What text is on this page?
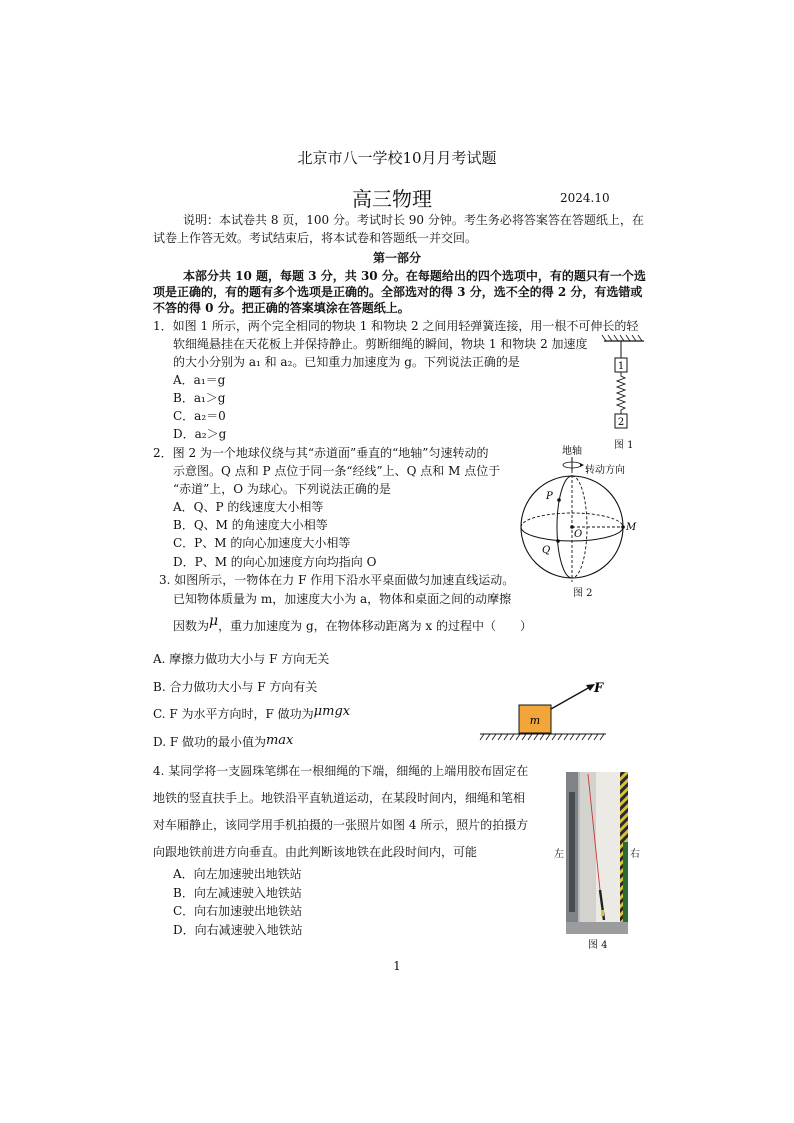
北京市八一学校10月月考试题
高三物理	2024.10
说明：本试卷共 8 页，100 分。考试时长 90 分钟。考生务必将答案答在答题纸上，在
试卷上作答无效。考试结束后，将本试卷和答题纸一并交回。
第一部分
本部分共 10 题，每题 3 分，共 30 分。在每题给出的四个选项中，有的题只有一个选
项是正确的，有的题有多个选项是正确的。全部选对的得 3 分，选不全的得 2 分，有选错或
不答的得 0 分。把正确的答案填涂在答题纸上。
1．如图 1 所示，两个完全相同的物块 1 和物块 2 之间用轻弹簧连接，用一根不可伸长的轻
软细绳悬挂在天花板上并保持静止。剪断细绳的瞬间，物块 1 和物块 2 加速度
的大小分别为 a₁ 和 a₂。已知重力加速度为 g。下列说法正确的是
A．a₁＝g
B．a₁＞g
C．a₂＝0
D．a₂＞g
1
2
图 1
2．图 2 为一个地球仪绕与其“赤道面”垂直的“地轴”匀速转动的
示意图。Q 点和 P 点位于同一条“经线”上、Q 点和 M 点位于
“赤道”上，O 为球心。下列说法正确的是
A．Q、P 的线速度大小相等
B．Q、M 的角速度大小相等
C．P、M 的向心加速度大小相等
D．P、M 的向心加速度方向均指向 O
地轴
转动方向
P
O
M
Q
图 2
3. 如图所示，一物体在力 F 作用下沿水平桌面做匀加速直线运动。
已知物体质量为 m，加速度大小为 a，物体和桌面之间的动摩擦
因数为μ，重力加速度为 g，在物体移动距离为 x 的过程中（　　）
A. 摩擦力做功大小与 F 方向无关
B. 合力做功大小与 F 方向有关
C. F 为水平方向时，F 做功为μmgx
D. F 做功的最小值为max
m
F
4. 某同学将一支圆珠笔绑在一根细绳的下端，细绳的上端用胶布固定在
地铁的竖直扶手上。地铁沿平直轨道运动，在某段时间内，细绳和笔相
对车厢静止，该同学用手机拍摄的一张照片如图 4 所示，照片的拍摄方
向跟地铁前进方向垂直。由此判断该地铁在此段时间内，可能
A．向左加速驶出地铁站
B．向左减速驶入地铁站
C．向右加速驶出地铁站
D．向右减速驶入地铁站
左	右
图 4
1
